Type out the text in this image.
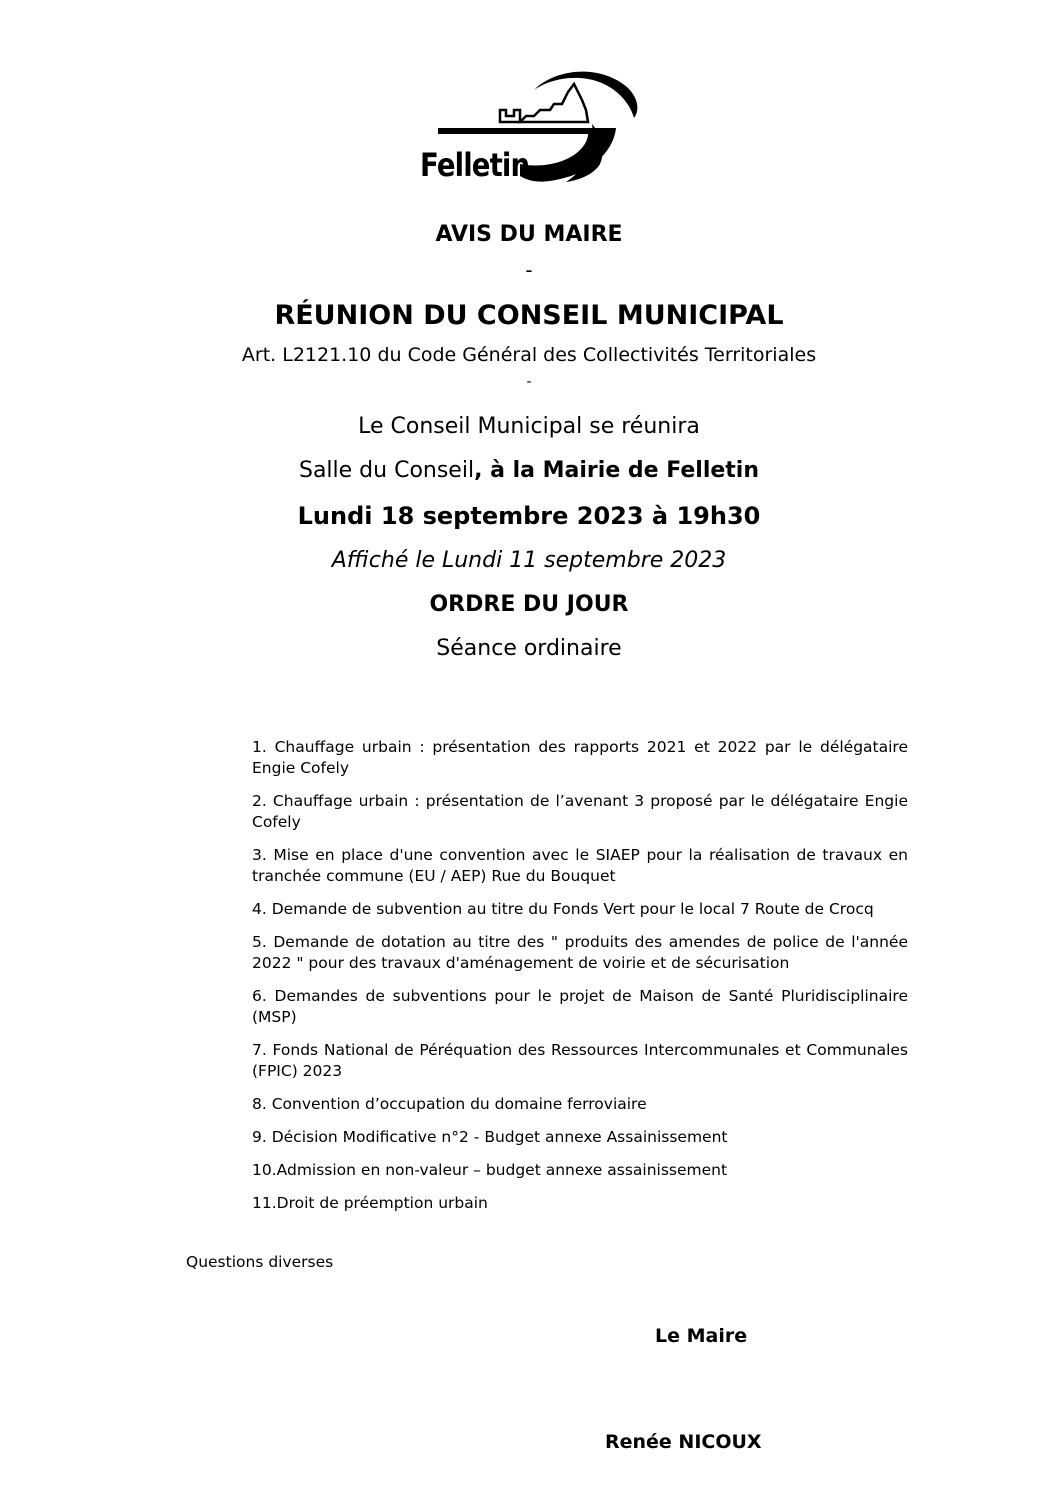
Felletin
AVIS DU MAIRE
-
RÉUNION DU CONSEIL MUNICIPAL
Art. L2121.10 du Code Général des Collectivités Territoriales
-
Le Conseil Municipal se réunira
Salle du Conseil, à la Mairie de Felletin
Lundi 18 septembre 2023 à 19h30
Affiché le Lundi 11 septembre 2023
ORDRE DU JOUR
Séance ordinaire
1. Chauffage urbain : présentation des rapports 2021 et 2022 par le délégataire Engie Cofely
2. Chauffage urbain : présentation de l’avenant 3 proposé par le délégataire Engie Cofely
3. Mise en place d'une convention avec le SIAEP pour la réalisation de travaux en tranchée commune (EU / AEP) Rue du Bouquet
4. Demande de subvention au titre du Fonds Vert pour le local 7 Route de Crocq
5. Demande de dotation au titre des " produits des amendes de police de l'année 2022 " pour des travaux d'aménagement de voirie et de sécurisation
6. Demandes de subventions pour le projet de Maison de Santé Pluridisciplinaire (MSP)
7. Fonds National de Péréquation des Ressources Intercommunales et Communales (FPIC) 2023
8. Convention d’occupation du domaine ferroviaire
9. Décision Modificative n°2 - Budget annexe Assainissement
10.Admission en non-valeur – budget annexe assainissement
11.Droit de préemption urbain
Questions diverses
Le Maire
Renée NICOUX
